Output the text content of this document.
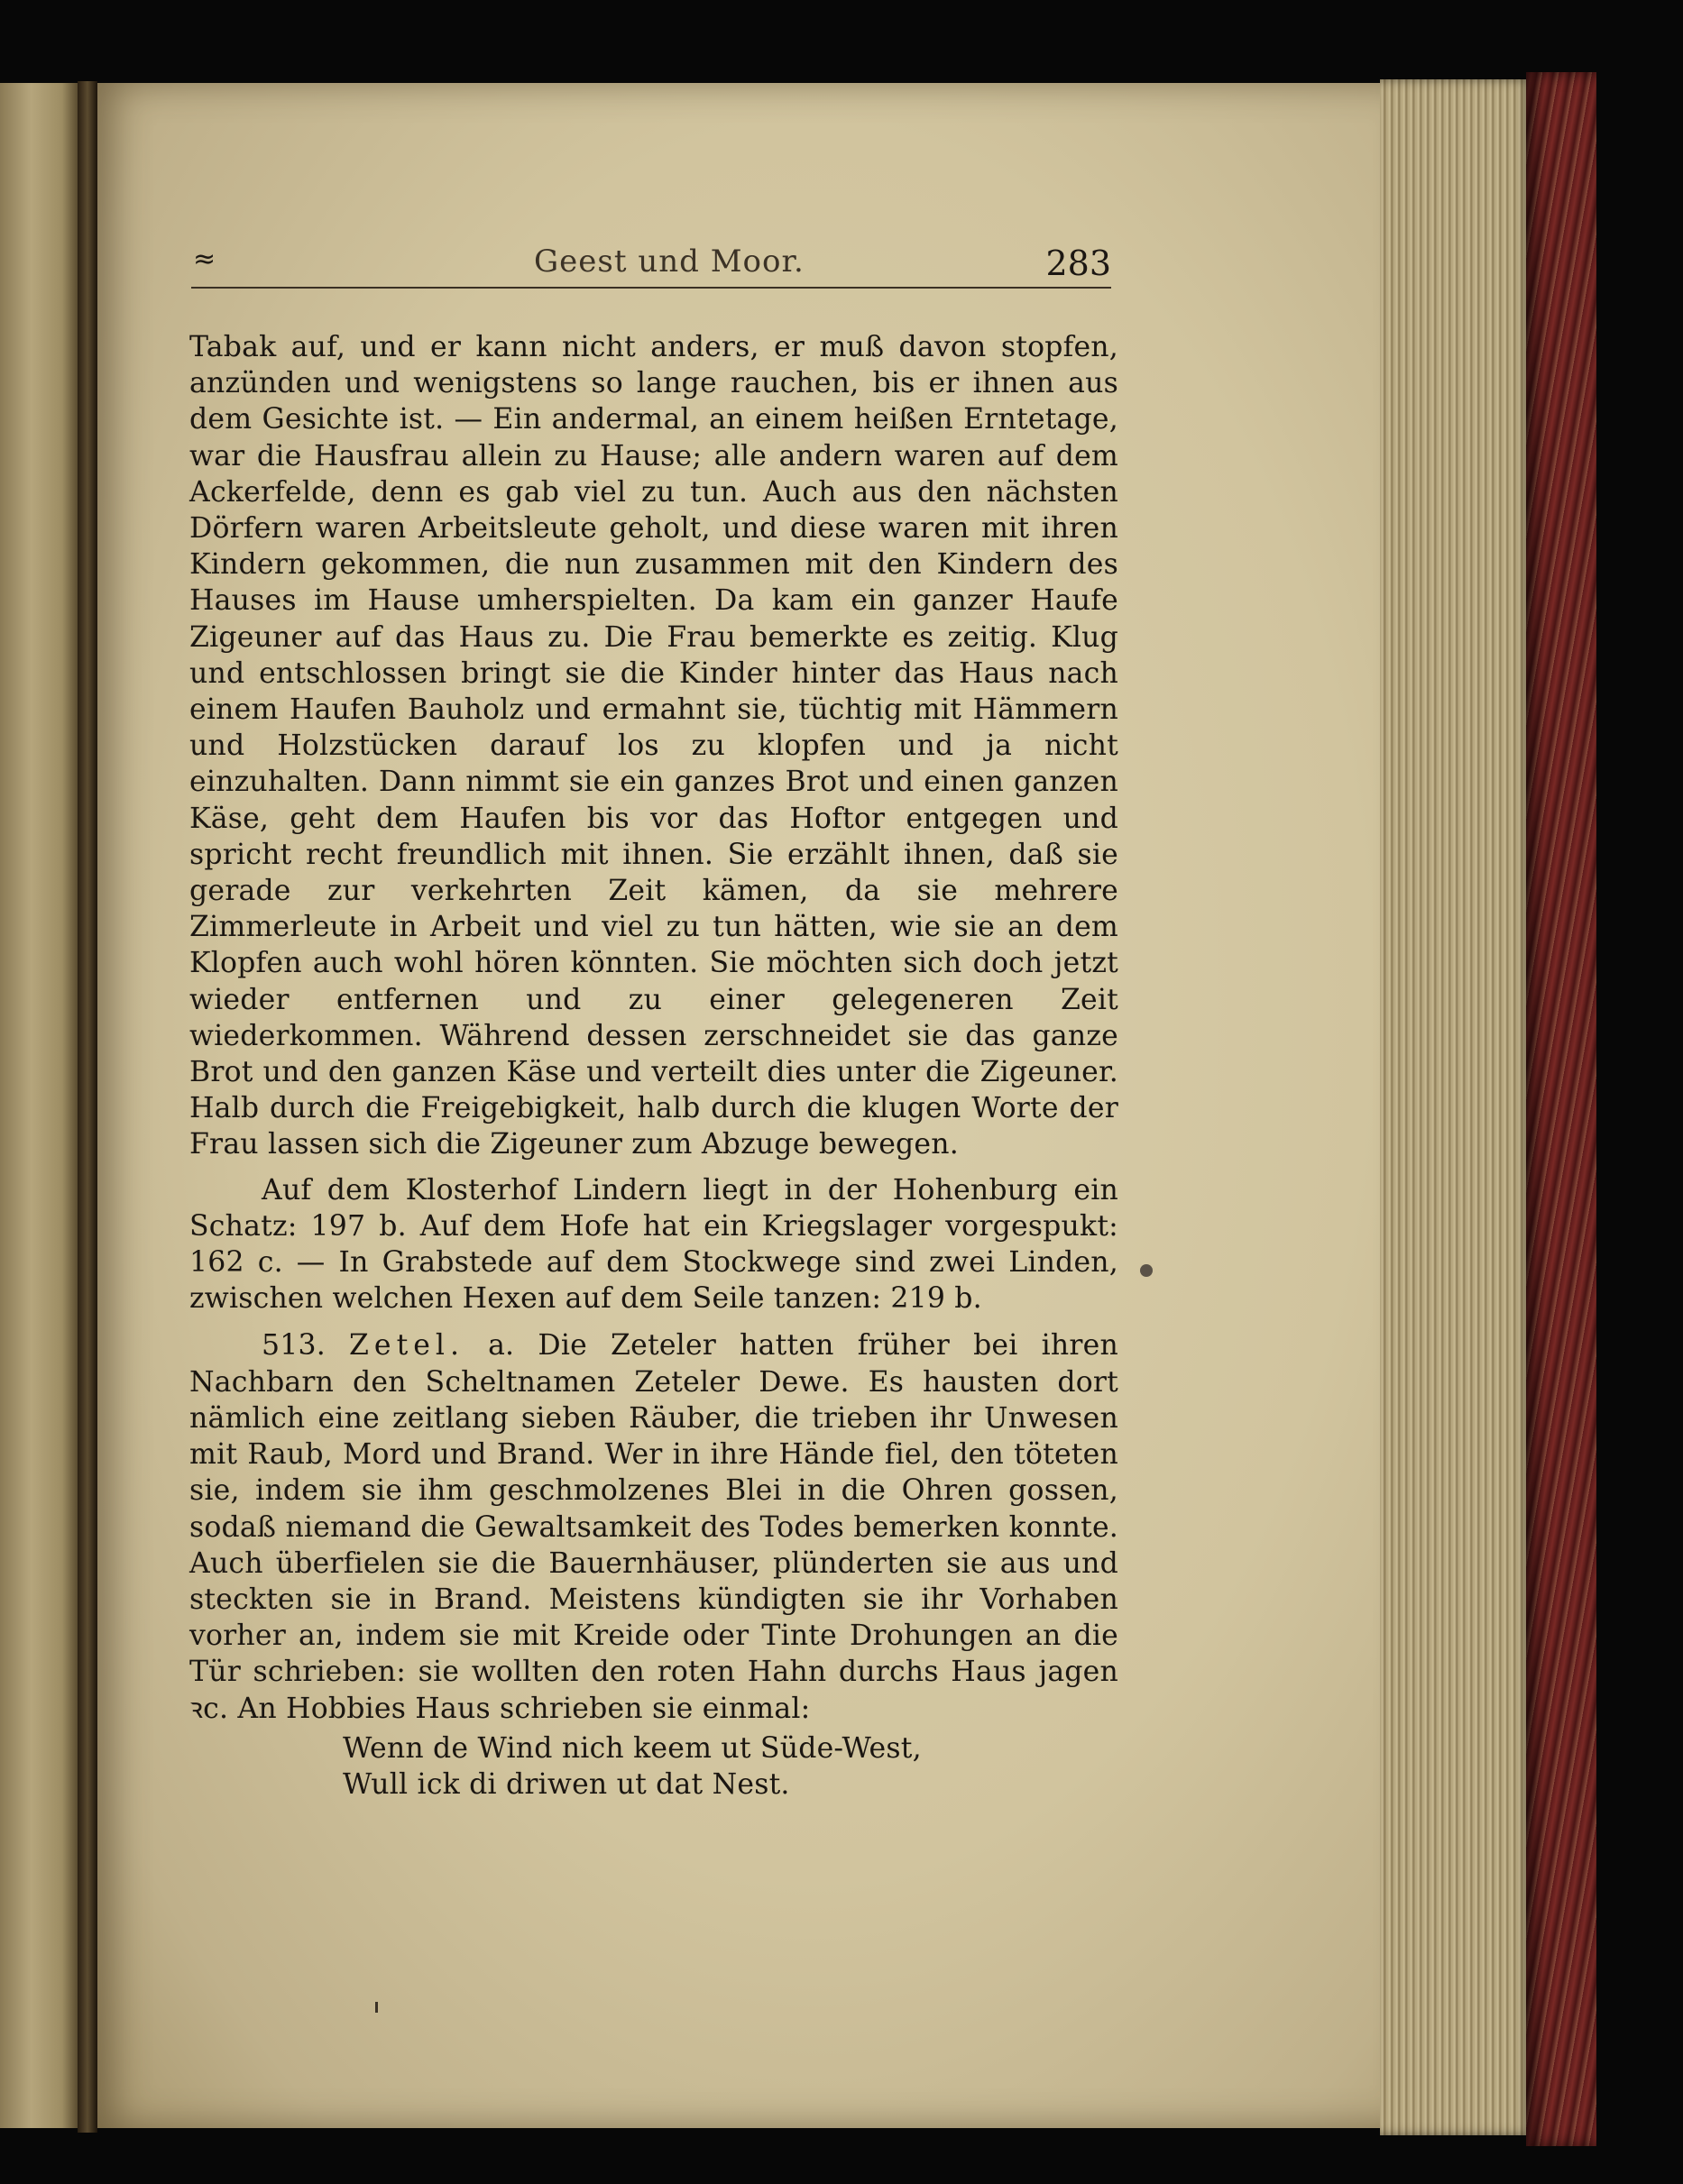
≈	Geest und Moor.	283

Tabak auf, und er kann nicht anders, er muß davon stopfen, anzünden und wenigstens so lange rauchen, bis er ihnen aus dem Gesichte ist. — Ein andermal, an einem heißen Erntetage, war die Hausfrau allein zu Hause; alle andern waren auf dem Ackerfelde, denn es gab viel zu tun. Auch aus den nächsten Dörfern waren Arbeitsleute geholt, und diese waren mit ihren Kindern gekommen, die nun zusammen mit den Kindern des Hauses im Hause umherspielten. Da kam ein ganzer Haufe Zigeuner auf das Haus zu. Die Frau bemerkte es zeitig. Klug und entschlossen bringt sie die Kinder hinter das Haus nach einem Haufen Bauholz und ermahnt sie, tüchtig mit Hämmern und Holzstücken darauf los zu klopfen und ja nicht einzuhalten. Dann nimmt sie ein ganzes Brot und einen ganzen Käse, geht dem Haufen bis vor das Hoftor entgegen und spricht recht freundlich mit ihnen. Sie erzählt ihnen, daß sie gerade zur verkehrten Zeit kämen, da sie mehrere Zimmerleute in Arbeit und viel zu tun hätten, wie sie an dem Klopfen auch wohl hören könnten. Sie möchten sich doch jetzt wieder entfernen und zu einer gelegeneren Zeit wiederkommen. Während dessen zerschneidet sie das ganze Brot und den ganzen Käse und verteilt dies unter die Zigeuner. Halb durch die Freigebigkeit, halb durch die klugen Worte der Frau lassen sich die Zigeuner zum Abzuge bewegen.

Auf dem Klosterhof Lindern liegt in der Hohenburg ein Schatz: 197 b. Auf dem Hofe hat ein Kriegslager vorgespukt: 162 c. — In Grabstede auf dem Stockwege sind zwei Linden, zwischen welchen Hexen auf dem Seile tanzen: 219 b.

513. Zetel. a. Die Zeteler hatten früher bei ihren Nachbarn den Scheltnamen Zeteler Dewe. Es hausten dort nämlich eine zeitlang sieben Räuber, die trieben ihr Unwesen mit Raub, Mord und Brand. Wer in ihre Hände fiel, den töteten sie, indem sie ihm geschmolzenes Blei in die Ohren gossen, sodaß niemand die Gewaltsamkeit des Todes bemerken konnte. Auch überfielen sie die Bauernhäuser, plünderten sie aus und steckten sie in Brand. Meistens kündigten sie ihr Vorhaben vorher an, indem sie mit Kreide oder Tinte Drohungen an die Tür schrieben: sie wollten den roten Hahn durchs Haus jagen ꝛc. An Hobbies Haus schrieben sie einmal:

Wenn de Wind nich keem ut Süde-West,
Wull ick di driwen ut dat Nest.
